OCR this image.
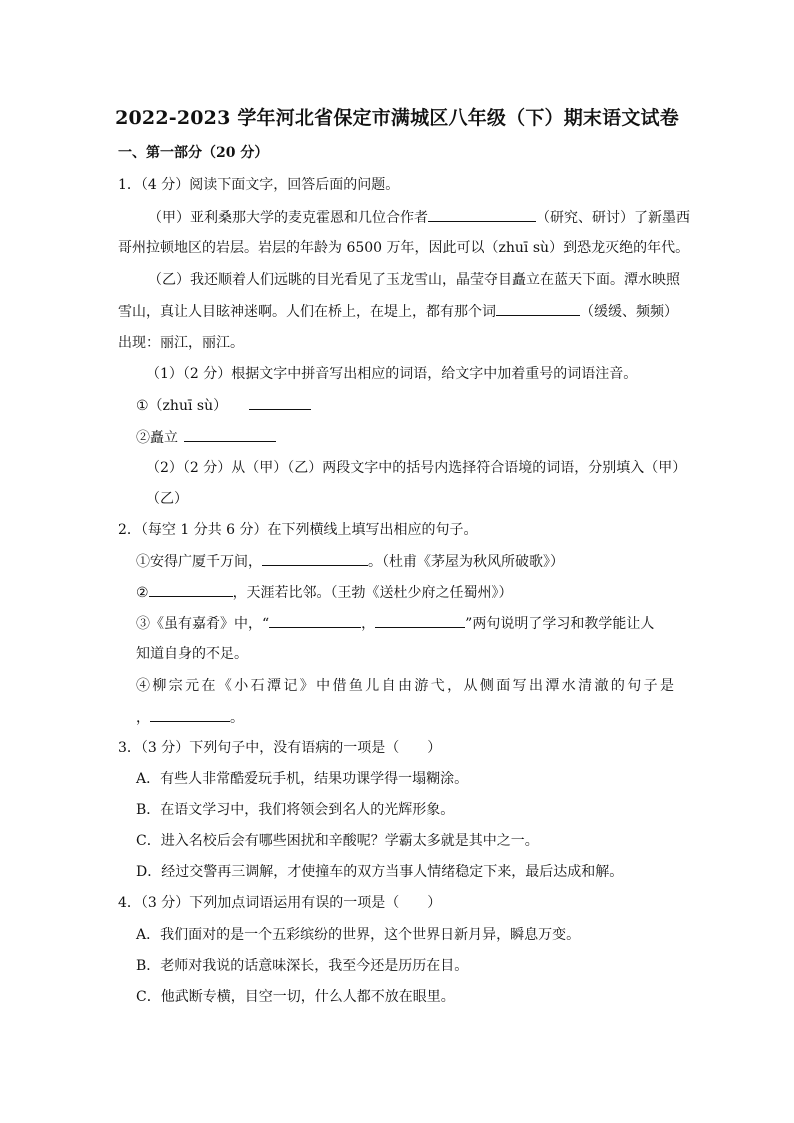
2022-2023 学年河北省保定市满城区八年级（下）期末语文试卷
一、第一部分（20 分）
1．（4 分）阅读下面文字，回答后面的问题。
（甲）亚利桑那大学的麦克霍恩和几位合作者	（研究、研讨）了新墨西
哥州拉顿地区的岩层。岩层的年龄为 6500 万年，因此可以（zhuī sù）到恐龙灭绝的年代。
（乙）我还顺着人们远眺的目光看见了玉龙雪山，晶莹夺目矗立在蓝天下面。潭水映照
雪山，真让人目眩神迷啊。人们在桥上，在堤上，都有那个词	（缓缓、频频）
出现：丽江，丽江。
（1）（2 分）根据文字中拼音写出相应的词语，给文字中加着重号的词语注音。
①（zhuī sù）
②矗立
（2）（2 分）从（甲）（乙）两段文字中的括号内选择符合语境的词语，分别填入（甲）
（乙）
2．（每空 1 分共 6 分）在下列横线上填写出相应的句子。
①安得广厦千万间，	。（杜甫《茅屋为秋风所破歌》）
②	，天涯若比邻。（王勃《送杜少府之任蜀州》）
③《虽有嘉肴》中，“	，	”两句说明了学习和教学能让人
知道自身的不足。
④柳宗元在《小石潭记》中借鱼儿自由游弋，从侧面写出潭水清澈的句子是
，	。
3．（3 分）下列句子中，没有语病的一项是（　　）
A．有些人非常酷爱玩手机，结果功课学得一塌糊涂。
B．在语文学习中，我们将领会到名人的光辉形象。
C．进入名校后会有哪些困扰和辛酸呢？学霸太多就是其中之一。
D．经过交警再三调解，才使撞车的双方当事人情绪稳定下来，最后达成和解。
4．（3 分）下列加点词语运用有误的一项是（　　）
A．我们面对的是一个五彩缤纷的世界，这个世界日新月异，瞬息万变。
B．老师对我说的话意味深长，我至今还是历历在目。
C．他武断专横，目空一切，什么人都不放在眼里。
